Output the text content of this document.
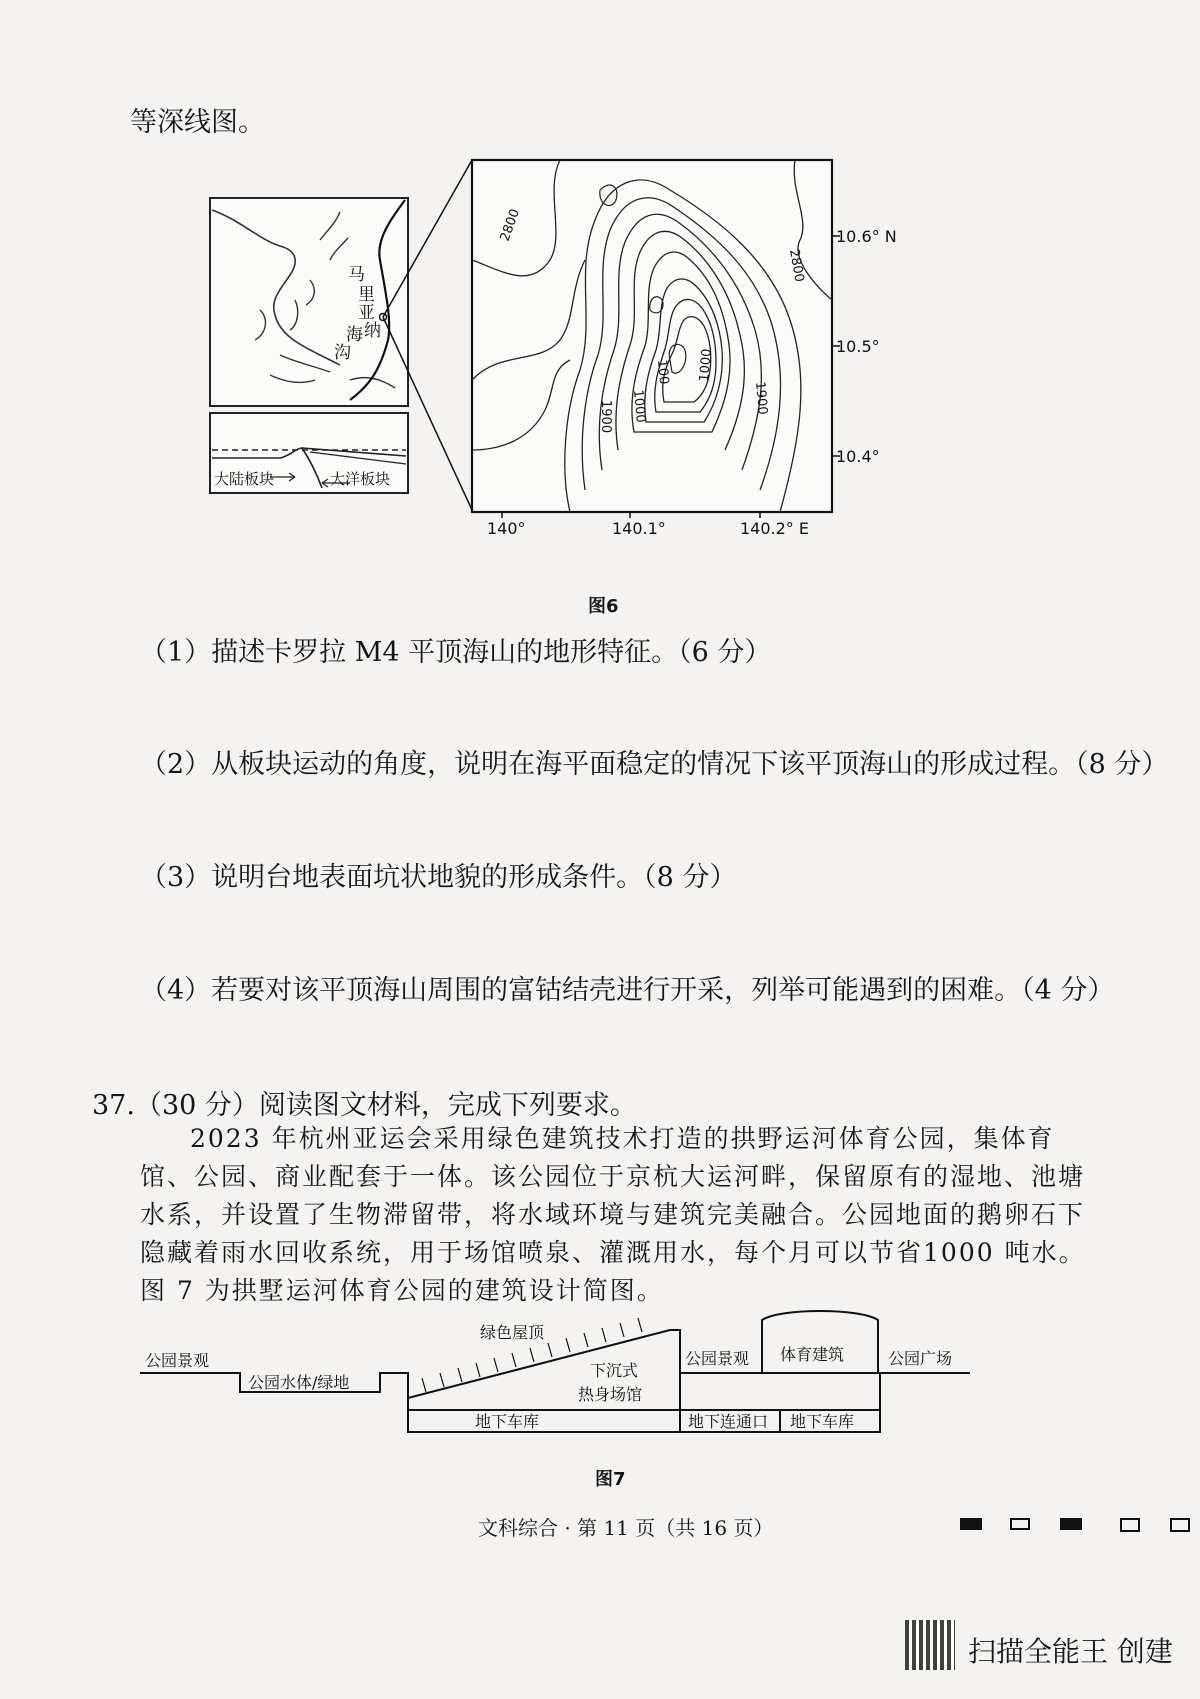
等深线图。
马
里
亚
纳
海
沟
大陆板块	大洋板块
2800
2800
1900
1900
1000
1000
100
10.6° N
10.5°
10.4°
140°	140.1°	140.2° E
图6
（1）描述卡罗拉 M4 平顶海山的地形特征。（6 分）
（2）从板块运动的角度，说明在海平面稳定的情况下该平顶海山的形成过程。（8 分）
（3）说明台地表面坑状地貌的形成条件。（8 分）
（4）若要对该平顶海山周围的富钴结壳进行开采，列举可能遇到的困难。（4 分）
37.（30 分）阅读图文材料，完成下列要求。
2023 年杭州亚运会采用绿色建筑技术打造的拱野运河体育公园，集体育馆、公园、商业配套于一体。该公园位于京杭大运河畔，保留原有的湿地、池塘水系，并设置了生物滞留带，将水域环境与建筑完美融合。公园地面的鹅卵石下隐藏着雨水回收系统，用于场馆喷泉、灌溉用水，每个月可以节省1000 吨水。图 7 为拱墅运河体育公园的建筑设计简图。
公园景观
公园水体/绿地
绿色屋顶
下沉式
热身场馆
公园景观 体育建筑	公园广场
地下车库	地下连通口 地下车库
图7
文科综合 · 第 11 页（共 16 页）
扫描全能王 创建
